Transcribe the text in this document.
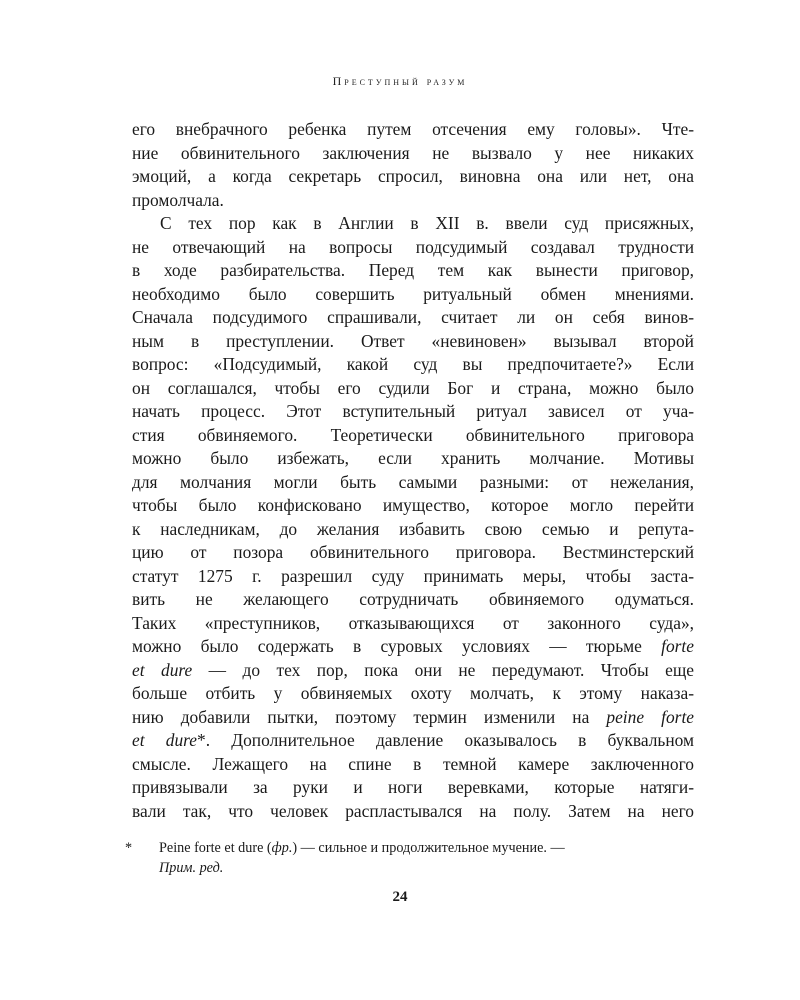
Преступный разум
его внебрачного ребенка путем отсечения ему головы». Чте-
ние обвинительного заключения не вызвало у нее никаких
эмоций, а когда секретарь спросил, виновна она или нет, она
промолчала.
С тех пор как в Англии в XII в. ввели суд присяжных,
не отвечающий на вопросы подсудимый создавал трудности
в ходе разбирательства. Перед тем как вынести приговор,
необходимо было совершить ритуальный обмен мнениями.
Сначала подсудимого спрашивали, считает ли он себя винов-
ным в преступлении. Ответ «невиновен» вызывал второй
вопрос: «Подсудимый, какой суд вы предпочитаете?» Если
он соглашался, чтобы его судили Бог и страна, можно было
начать процесс. Этот вступительный ритуал зависел от уча-
стия обвиняемого. Теоретически обвинительного приговора
можно было избежать, если хранить молчание. Мотивы
для молчания могли быть самыми разными: от нежелания,
чтобы было конфисковано имущество, которое могло перейти
к наследникам, до желания избавить свою семью и репута-
цию от позора обвинительного приговора. Вестминстерский
статут 1275 г. разрешил суду принимать меры, чтобы заста-
вить не желающего сотрудничать обвиняемого одуматься.
Таких «преступников, отказывающихся от законного суда»,
можно было содержать в суровых условиях — тюрьме forte
et dure — до тех пор, пока они не передумают. Чтобы еще
больше отбить у обвиняемых охоту молчать, к этому наказа-
нию добавили пытки, поэтому термин изменили на peine forte
et dure*. Дополнительное давление оказывалось в буквальном
смысле. Лежащего на спине в темной камере заключенного
привязывали за руки и ноги веревками, которые натяги-
вали так, что человек распластывался на полу. Затем на него
* Peine forte et dure (фр.) — сильное и продолжительное мучение. —
Прим. ред.
24
